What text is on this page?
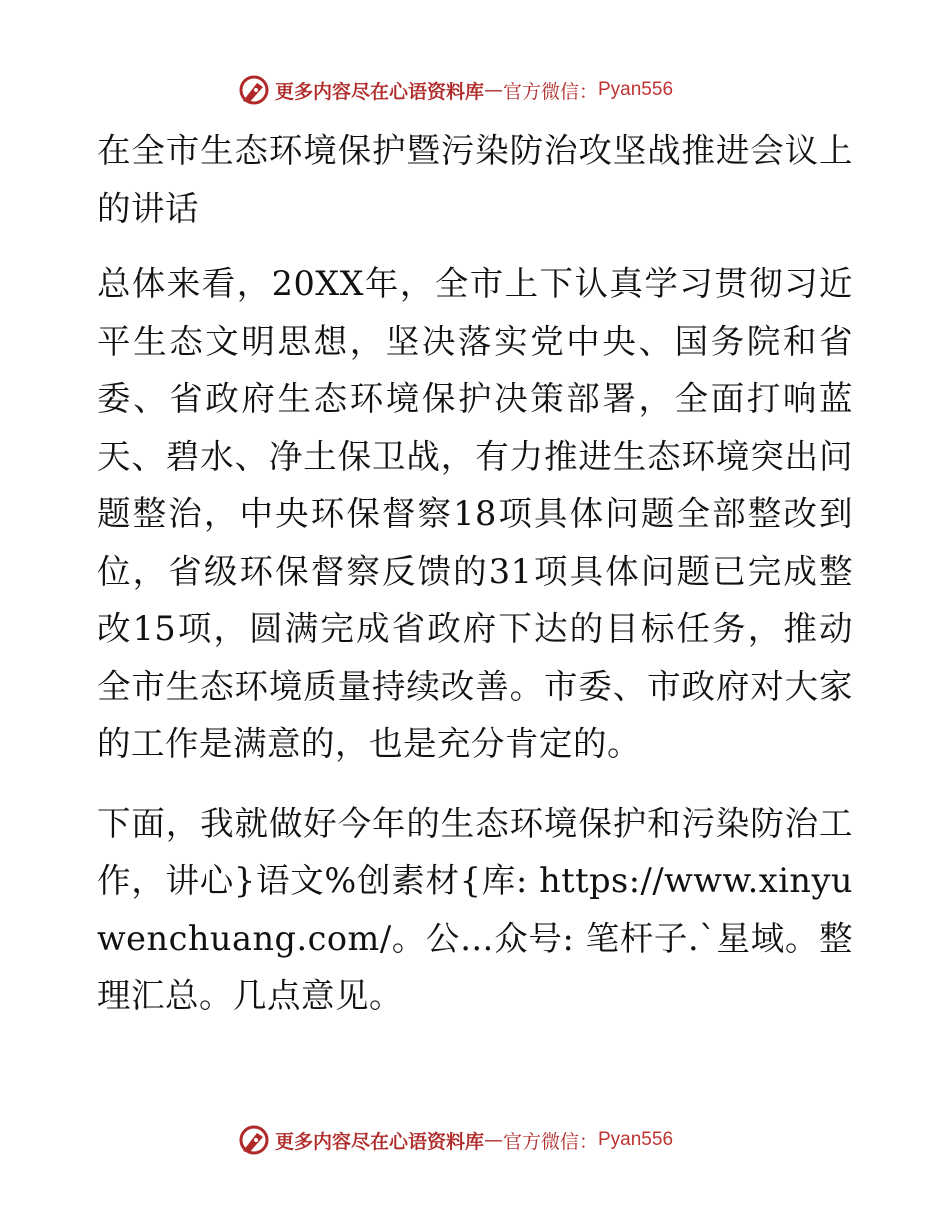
更多内容尽在心语资料库 — 官方微信： Pyan556

在全市生态环境保护暨污染防治攻坚战推进会议上的讲话

总体来看，20XX年，全市上下认真学习贯彻习近平生态文明思想，坚决落实党中央、国务院和省委、省政府生态环境保护决策部署，全面打响蓝天、碧水、净土保卫战，有力推进生态环境突出问题整治，中央环保督察18项具体问题全部整改到位，省级环保督察反馈的31项具体问题已完成整改15项，圆满完成省政府下达的目标任务，推动全市生态环境质量持续改善。市委、市政府对大家的工作是满意的，也是充分肯定的。

下面，我就做好今年的生态环境保护和污染防治工作，讲心}语文%创素材{库: https://www.xinyuwenchuang.com/。公…众号: 笔杆子.`星域。整理汇总。几点意见。

更多内容尽在心语资料库 — 官方微信： Pyan556
